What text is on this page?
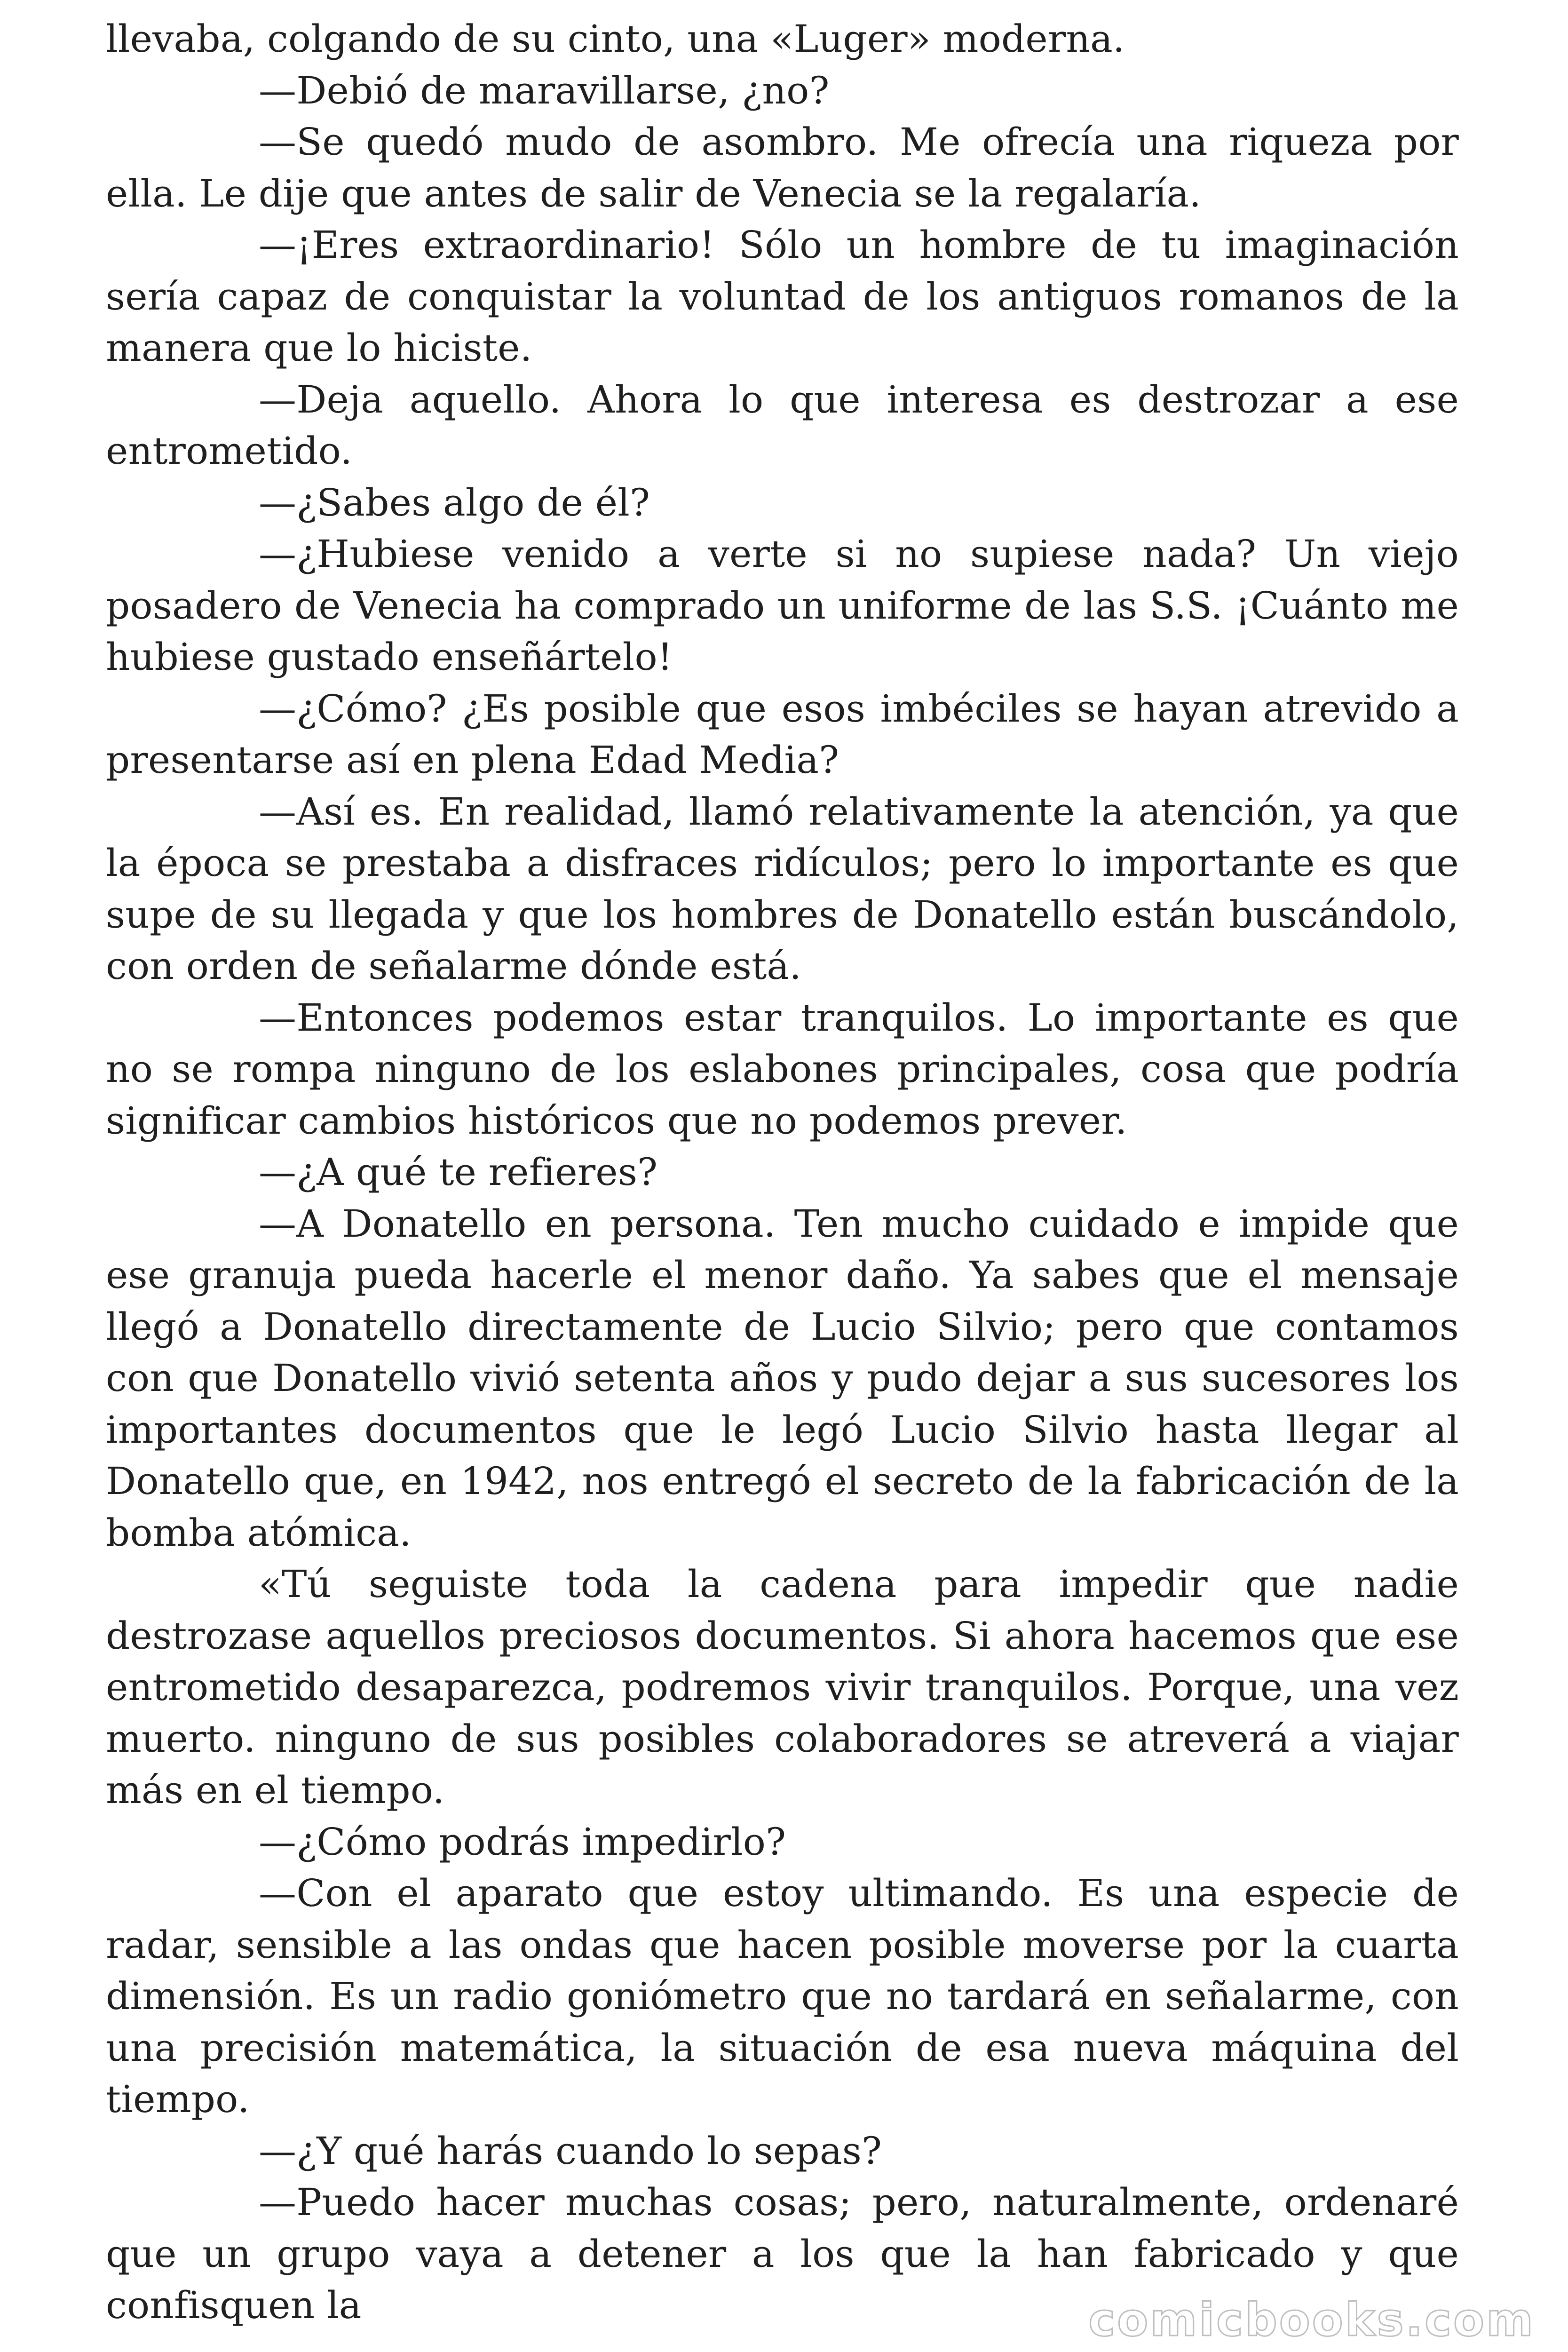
llevaba, colgando de su cinto, una «Luger» moderna.

—Debió de maravillarse, ¿no?

—Se quedó mudo de asombro. Me ofrecía una riqueza por ella. Le dije que antes de salir de Venecia se la regalaría.

—¡Eres extraordinario! Sólo un hombre de tu imaginación sería capaz de conquistar la voluntad de los antiguos romanos de la manera que lo hiciste.

—Deja aquello. Ahora lo que interesa es destrozar a ese entrometido.

—¿Sabes algo de él?

—¿Hubiese venido a verte si no supiese nada? Un viejo posadero de Venecia ha comprado un uniforme de las S.S. ¡Cuánto me hubiese gustado enseñártelo!

—¿Cómo? ¿Es posible que esos imbéciles se hayan atrevido a presentarse así en plena Edad Media?

—Así es. En realidad, llamó relativamente la atención, ya que la época se prestaba a disfraces ridículos; pero lo importante es que supe de su llegada y que los hombres de Donatello están buscándolo, con orden de señalarme dónde está.

—Entonces podemos estar tranquilos. Lo importante es que no se rompa ninguno de los eslabones principales, cosa que podría significar cambios históricos que no podemos prever.

—¿A qué te refieres?

—A Donatello en persona. Ten mucho cuidado e impide que ese granuja pueda hacerle el menor daño. Ya sabes que el mensaje llegó a Donatello directamente de Lucio Silvio; pero que contamos con que Donatello vivió setenta años y pudo dejar a sus sucesores los importantes documentos que le legó Lucio Silvio hasta llegar al Donatello que, en 1942, nos entregó el secreto de la fabricación de la bomba atómica.

«Tú seguiste toda la cadena para impedir que nadie destrozase aquellos preciosos documentos. Si ahora hacemos que ese entrometido desaparezca, podremos vivir tranquilos. Porque, una vez muerto. ninguno de sus posibles colaboradores se atreverá a viajar más en el tiempo.

—¿Cómo podrás impedirlo?

—Con el aparato que estoy ultimando. Es una especie de radar, sensible a las ondas que hacen posible moverse por la cuarta dimensión. Es un radio goniómetro que no tardará en señalarme, con una precisión matemática, la situación de esa nueva máquina del tiempo.

—¿Y qué harás cuando lo sepas?

—Puedo hacer muchas cosas; pero, naturalmente, ordenaré que un grupo vaya a detener a los que la han fabricado y que confisquen la	comicbooks.com
